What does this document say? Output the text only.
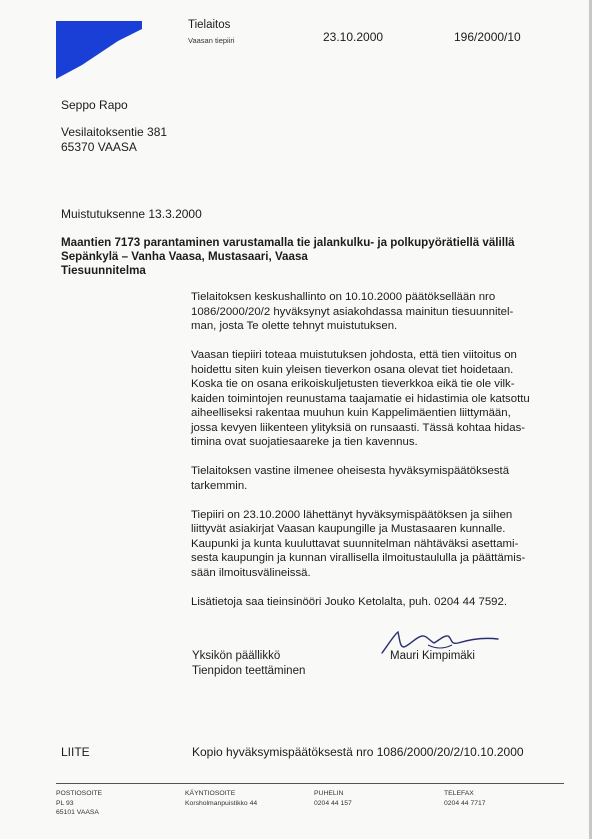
Tielaitos
Vaasan tiepiiri	23.10.2000	196/2000/10
Seppo Rapo
Vesilaitoksentie 381
65370 VAASA
Muistutuksenne 13.3.2000
Maantien 7173 parantaminen varustamalla tie jalankulku- ja polkupyörätiellä välillä
Sepänkylä – Vanha Vaasa, Mustasaari, Vaasa
Tiesuunnitelma

Tielaitoksen keskushallinto on 10.10.2000 päätöksellään nro
1086/2000/20/2 hyväksynyt asiakohdassa mainitun tiesuunnitel-
man, josta Te olette tehnyt muistutuksen.

Vaasan tiepiiri toteaa muistutuksen johdosta, että tien viitoitus on
hoidettu siten kuin yleisen tieverkon osana olevat tiet hoidetaan.
Koska tie on osana erikoiskuljetusten tieverkkoa eikä tie ole vilk-
kaiden toimintojen reunustama taajamatie ei hidastimia ole katsottu
aiheelliseksi rakentaa muuhun kuin Kappelimäentien liittymään,
jossa kevyen liikenteen ylityksiä on runsaasti. Tässä kohtaa hidas-
timina ovat suojatiesaareke ja tien kavennus.

Tielaitoksen vastine ilmenee oheisesta hyväksymispäätöksestä
tarkemmin.

Tiepiiri on 23.10.2000 lähettänyt hyväksymispäätöksen ja siihen
liittyvät asiakirjat Vaasan kaupungille ja Mustasaaren kunnalle.
Kaupunki ja kunta kuuluttavat suunnitelman nähtäväksi asettami-
sesta kaupungin ja kunnan virallisella ilmoitustaululla ja päättämis-
sään ilmoitusvälineissä.

Lisätietoja saa tieinsinööri Jouko Ketolalta, puh. 0204 44 7592.

Yksikön päällikkö
Tienpidon teettäminen
Mauri Kimpimäki
LIITE	Kopio hyväksymispäätöksestä nro 1086/2000/20/2/10.10.2000
POSTIOSOITE
PL 93
65101 VAASA
KÄYNTIOSOITE
Korsholmanpuistikko 44
PUHELIN
0204 44 157
TELEFAX
0204 44 7717
